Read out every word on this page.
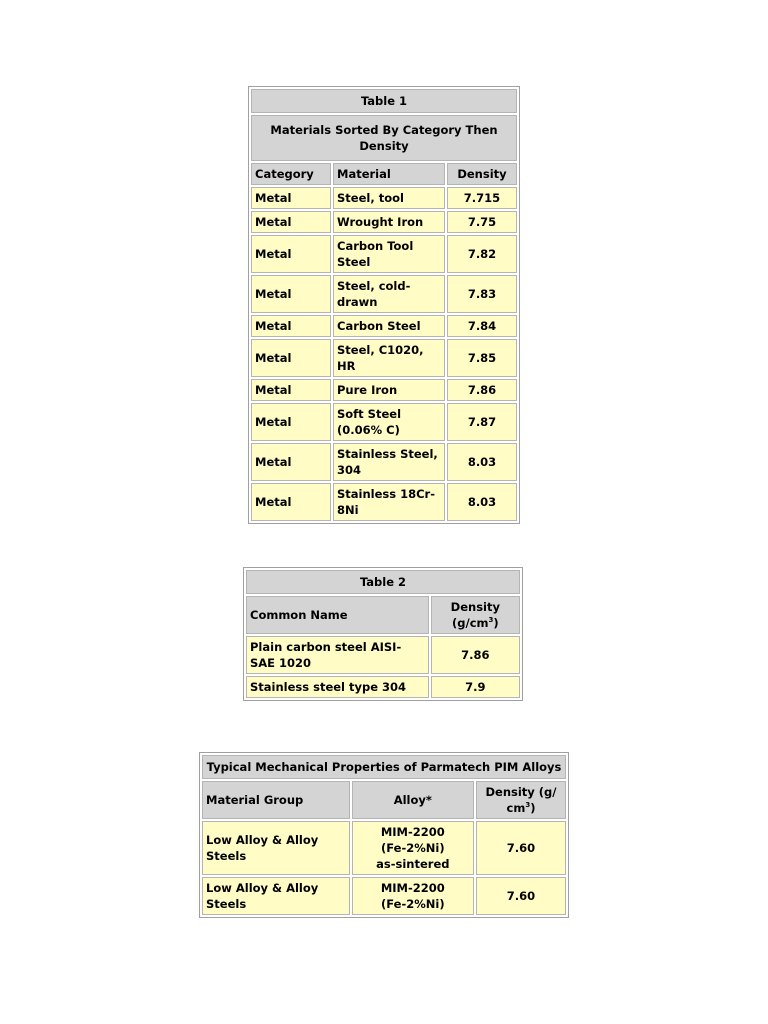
Table 1		
Materials Sorted By Category Then Density		
Category	Material	Density
Metal	Steel, tool	7.715
Metal	Wrought Iron	7.75
Metal	Carbon Tool Steel	7.82
Metal	Steel, cold-drawn	7.83
Metal	Carbon Steel	7.84
Metal	Steel, C1020, HR	7.85
Metal	Pure Iron	7.86
Metal	Soft Steel (0.06% C)	7.87
Metal	Stainless Steel, 304	8.03
Metal	Stainless 18Cr-8Ni	8.03
Table 2	
Common Name	Density $(g/cm^3)$
Plain carbon steel AISI-SAE 1020	7.86
Stainless steel type 304	7.9
Typical Mechanical Properties of Parmatech PIM Alloys		
Material Group	Alloy*	Density (g/ $cm^3$)
Low Alloy & Alloy Steels	MIM-2200 (Fe-2%Ni) as-sintered	7.60
Low Alloy & Alloy Steels	MIM-2200 (Fe-2%Ni)	7.60
